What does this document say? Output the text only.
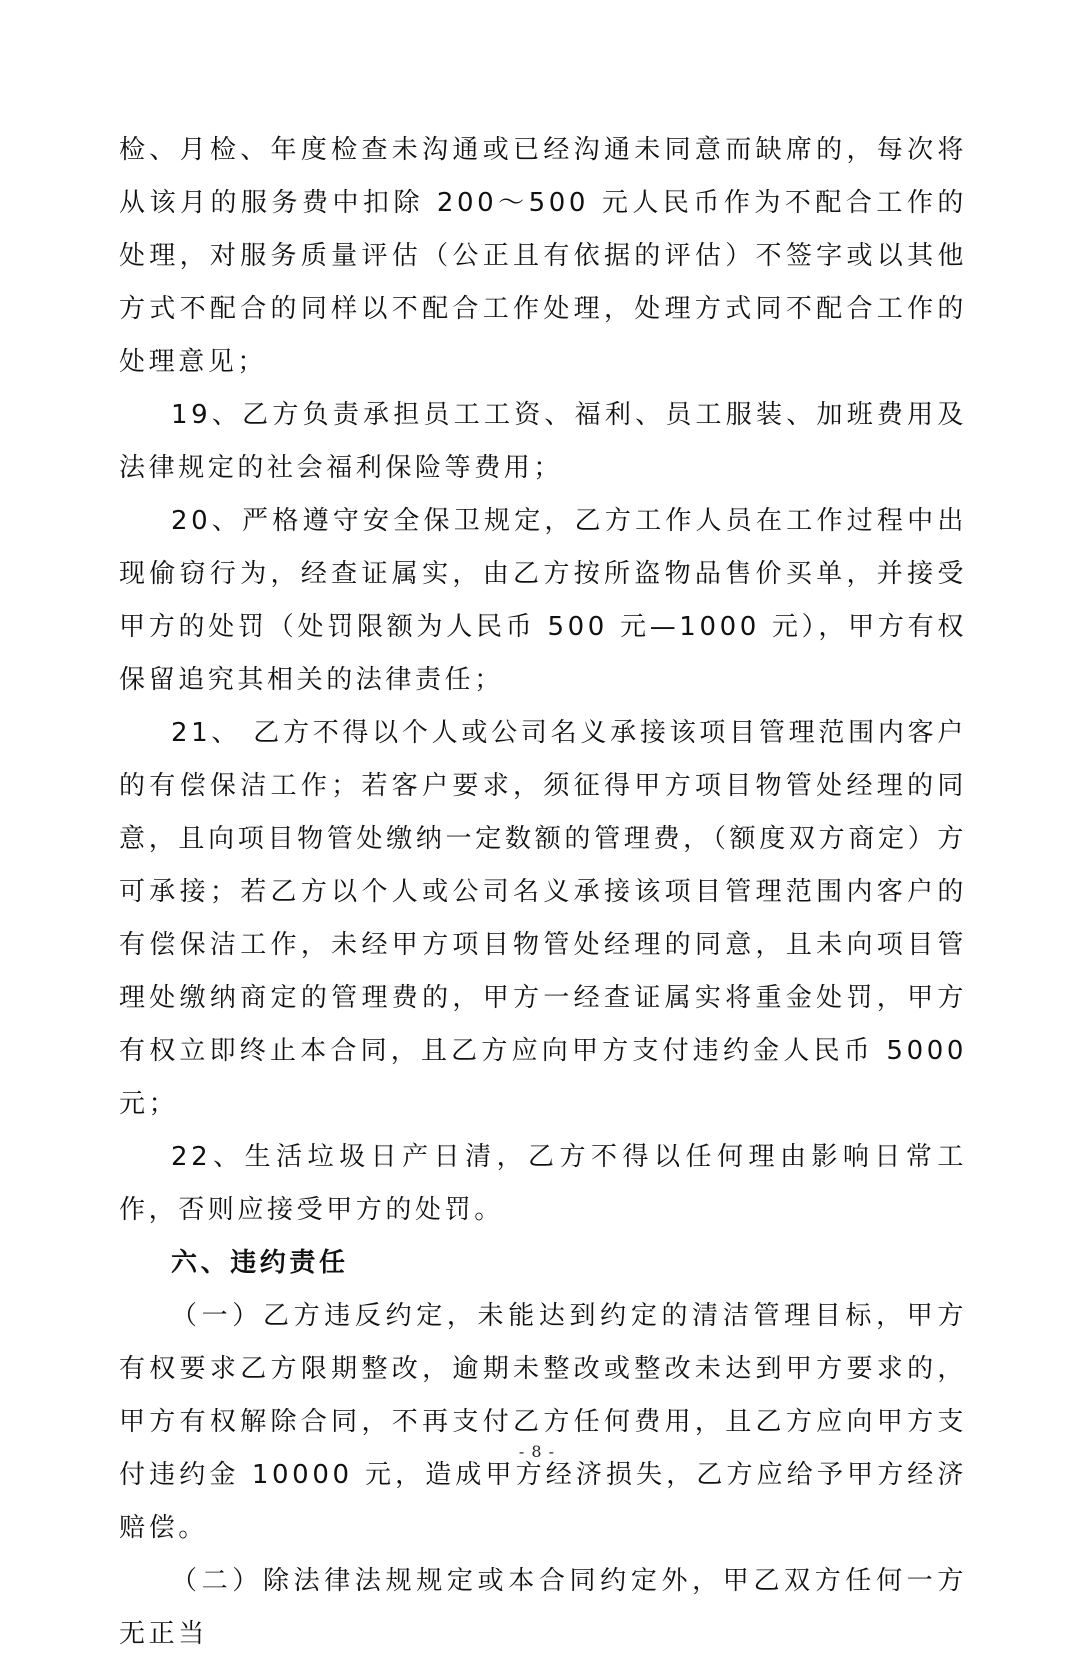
检、月检、年度检查未沟通或已经沟通未同意而缺席的，每次将从该月的服务费中扣除 200～500 元人民币作为不配合工作的处理，对服务质量评估（公正且有依据的评估）不签字或以其他方式不配合的同样以不配合工作处理，处理方式同不配合工作的处理意见；

19、乙方负责承担员工工资、福利、员工服装、加班费用及法律规定的社会福利保险等费用；

20、严格遵守安全保卫规定，乙方工作人员在工作过程中出现偷窃行为，经查证属实，由乙方按所盗物品售价买单，并接受甲方的处罚（处罚限额为人民币 500 元—1000 元），甲方有权保留追究其相关的法律责任；

21、 乙方不得以个人或公司名义承接该项目管理范围内客户的有偿保洁工作；若客户要求，须征得甲方项目物管处经理的同意，且向项目物管处缴纳一定数额的管理费，（额度双方商定）方可承接；若乙方以个人或公司名义承接该项目管理范围内客户的有偿保洁工作，未经甲方项目物管处经理的同意，且未向项目管理处缴纳商定的管理费的，甲方一经查证属实将重金处罚，甲方有权立即终止本合同，且乙方应向甲方支付违约金人民币 5000 元；

22、生活垃圾日产日清，乙方不得以任何理由影响日常工作，否则应接受甲方的处罚。

六、违约责任

（一）乙方违反约定，未能达到约定的清洁管理目标，甲方有权要求乙方限期整改，逾期未整改或整改未达到甲方要求的，甲方有权解除合同，不再支付乙方任何费用，且乙方应向甲方支付违约金 10000 元，造成甲方经济损失，乙方应给予甲方经济赔偿。

（二）除法律法规规定或本合同约定外，甲乙双方任何一方无正当

- 8 -
